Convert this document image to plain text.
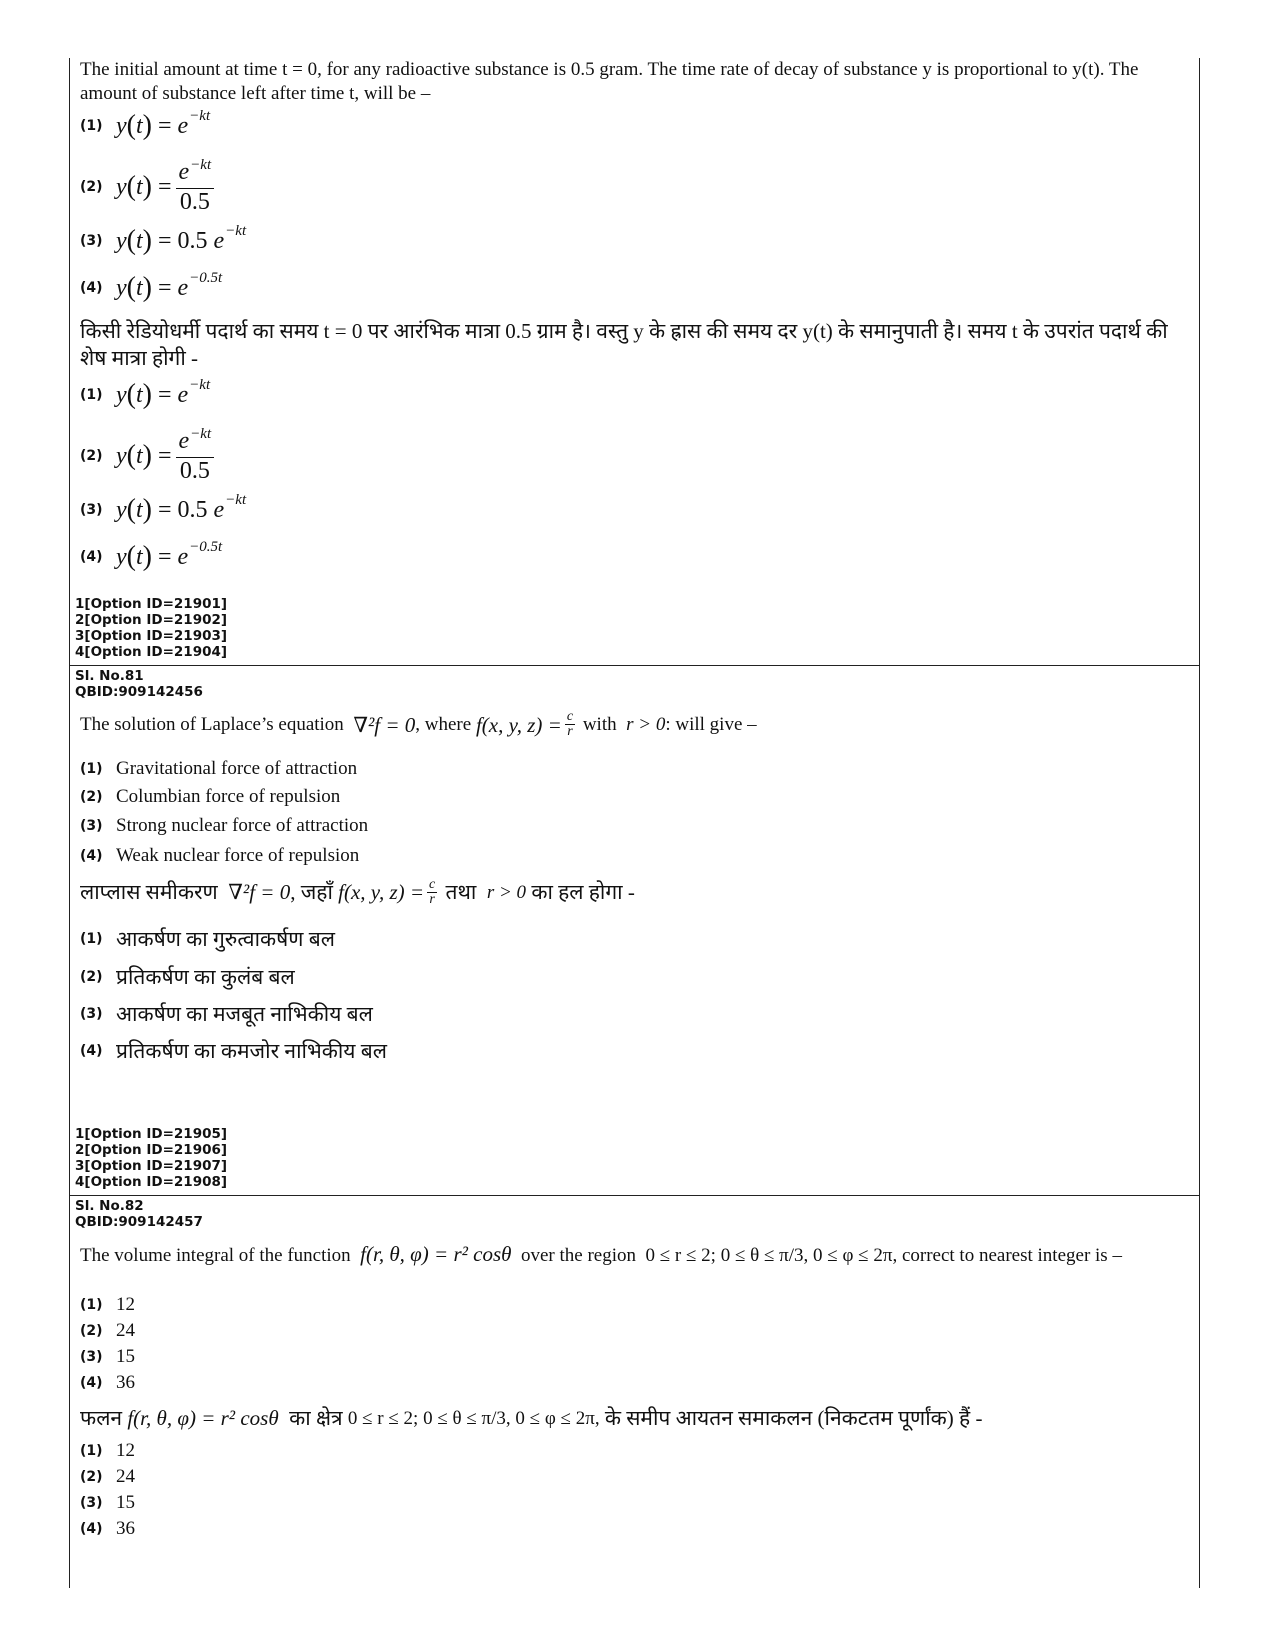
The initial amount at time t = 0, for any radioactive substance is 0.5 gram. The time rate of decay of substance y is proportional to y(t). The amount of substance left after time t, will be –
(1) y ( t )
=
e −kt
(2) y ( t )
= $\frac{e^{-kt}}{0.5}$
(3) y ( t )
=
0.5
e −kt
(4) y ( t )
=
e −0.5t
किसी रेडियोधर्मी पदार्थ का समय t = 0 पर आरंभिक मात्रा 0.5 ग्राम है। वस्तु y के ह्रास की समय दर y(t) के समानुपाती है। समय t के उपरांत पदार्थ की शेष मात्रा होगी -
(1) y ( t )
=
e −kt
(2) y ( t )
= $\frac{e^{-kt}}{0.5}$
(3) y ( t )
=
0.5
e −kt
(4) y ( t )
=
e −0.5t
1[Option ID=21901]
2[Option ID=21902]
3[Option ID=21903]
4[Option ID=21904]
Sl. No.81
QBID:909142456
The solution of Laplace’s equation
∇²f = 0 , where
f(x, y, $z) = \frac{c}{r}$
with
r > 0 : will give –
(1) Gravitational force of attraction
(2) Columbian force of repulsion
(3) Strong nuclear force of attraction
(4) Weak nuclear force of repulsion
लाप्लास समीकरण
∇²f = 0 , जहाँ
f(x, y, $z) = \frac{c}{r}$
तथा
r > 0
का हल होगा -
(1) आकर्षण का गुरुत्वाकर्षण बल
(2) प्रतिकर्षण का कुलंब बल
(3) आकर्षण का मजबूत नाभिकीय बल
(4) प्रतिकर्षण का कमजोर नाभिकीय बल
1[Option ID=21905]
2[Option ID=21906]
3[Option ID=21907]
4[Option ID=21908]
Sl. No.82
QBID:909142457
The volume integral of the function f(r, θ, φ) = r² cosθ over the region 0 ≤ r ≤ 2; 0 ≤ θ ≤ π/3, 0 ≤ φ ≤ 2π, correct to nearest integer is –
(1) 12
(2) 24
(3) 15
(4) 36
फलन
f(r, θ, φ) = r² cosθ
का क्षेत्र
0 ≤ r ≤ 2; 0 ≤ θ ≤ π/3, 0 ≤ φ ≤ 2π,
के समीप आयतन समाकलन (निकटतम पूर्णांक) हैं -
(1) 12
(2) 24
(3) 15
(4) 36
